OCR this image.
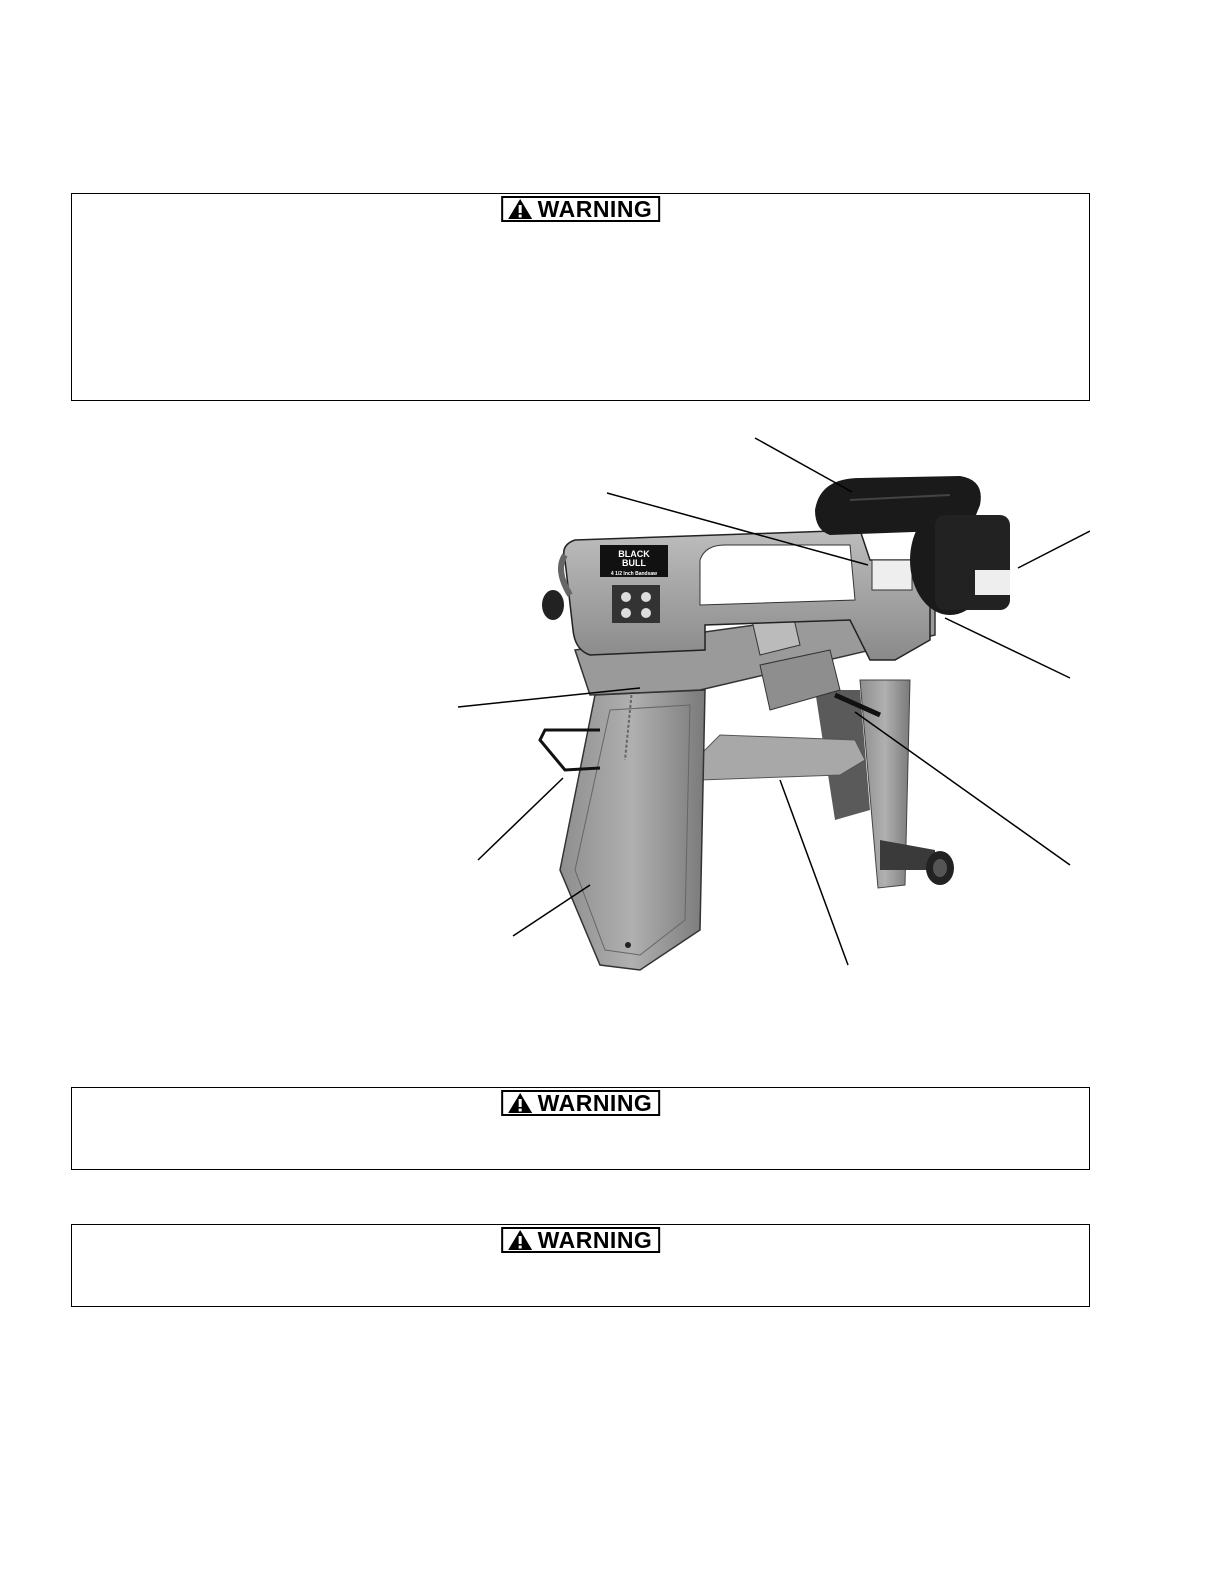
WARNING
BLACK
BULL
4 1/2 Inch Bandsaw
WARNING
WARNING
